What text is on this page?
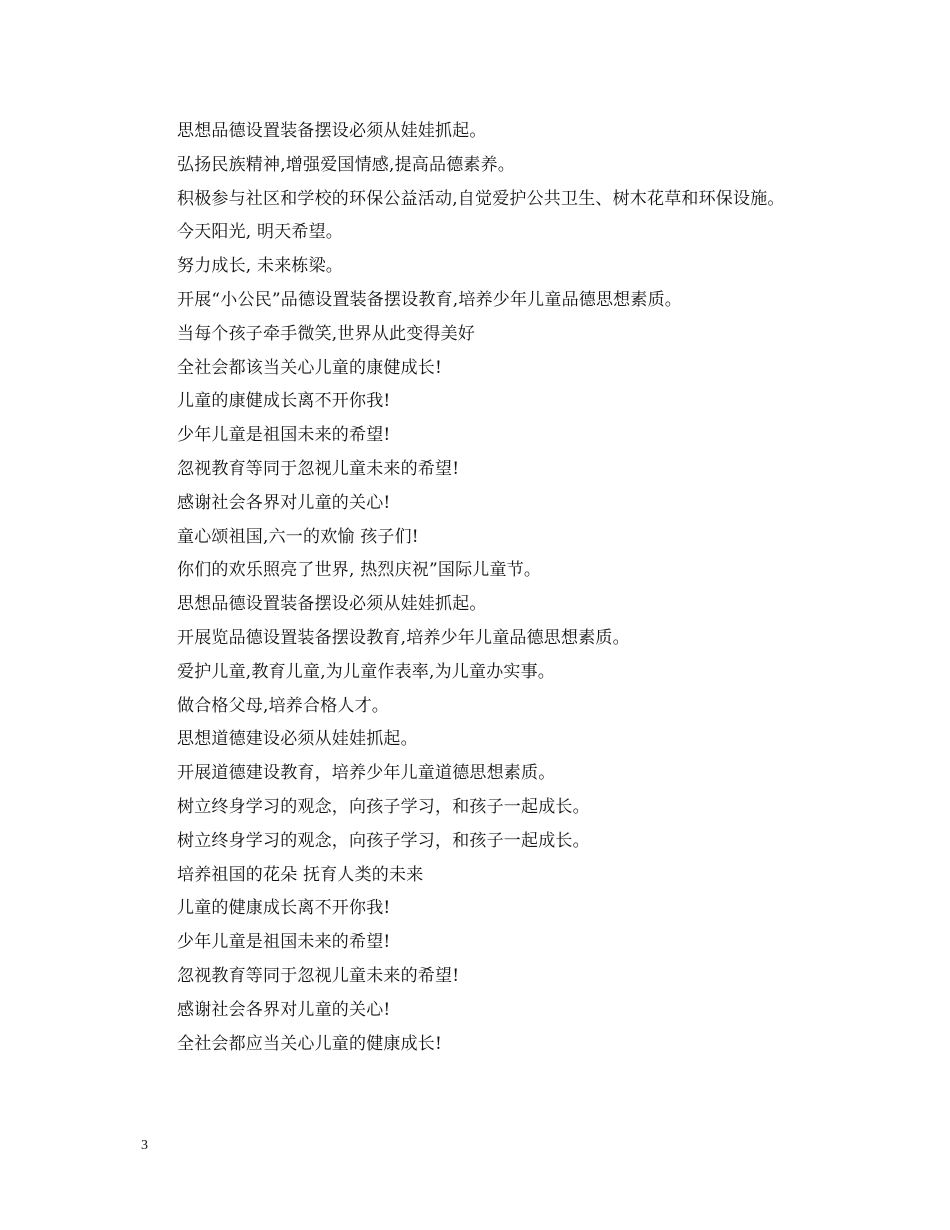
思想品德设置装备摆设必须从娃娃抓起。

弘扬民族精神,增强爱国情感,提高品德素养。

积极参与社区和学校的环保公益活动,自觉爱护公共卫生、树木花草和环保设施。

今天阳光, 明天希望。

努力成长, 未来栋梁。

开展“小公民”品德设置装备摆设教育,培养少年儿童品德思想素质。

当每个孩子牵手微笑,世界从此变得美好

全社会都该当关心儿童的康健成长!

儿童的康健成长离不开你我!

少年儿童是祖国未来的希望!

忽视教育等同于忽视儿童未来的希望!

感谢社会各界对儿童的关心!

童心颂祖国,六一的欢愉 孩子们!

你们的欢乐照亮了世界, 热烈庆祝”国际儿童节。

思想品德设置装备摆设必须从娃娃抓起。

开展览品德设置装备摆设教育,培养少年儿童品德思想素质。

爱护儿童,教育儿童,为儿童作表率,为儿童办实事。

做合格父母,培养合格人才。

思想道德建设必须从娃娃抓起。

开展道德建设教育，培养少年儿童道德思想素质。

树立终身学习的观念，向孩子学习，和孩子一起成长。

树立终身学习的观念，向孩子学习，和孩子一起成长。

培养祖国的花朵 抚育人类的未来

儿童的健康成长离不开你我!

少年儿童是祖国未来的希望!

忽视教育等同于忽视儿童未来的希望!

感谢社会各界对儿童的关心!

全社会都应当关心儿童的健康成长!

3
